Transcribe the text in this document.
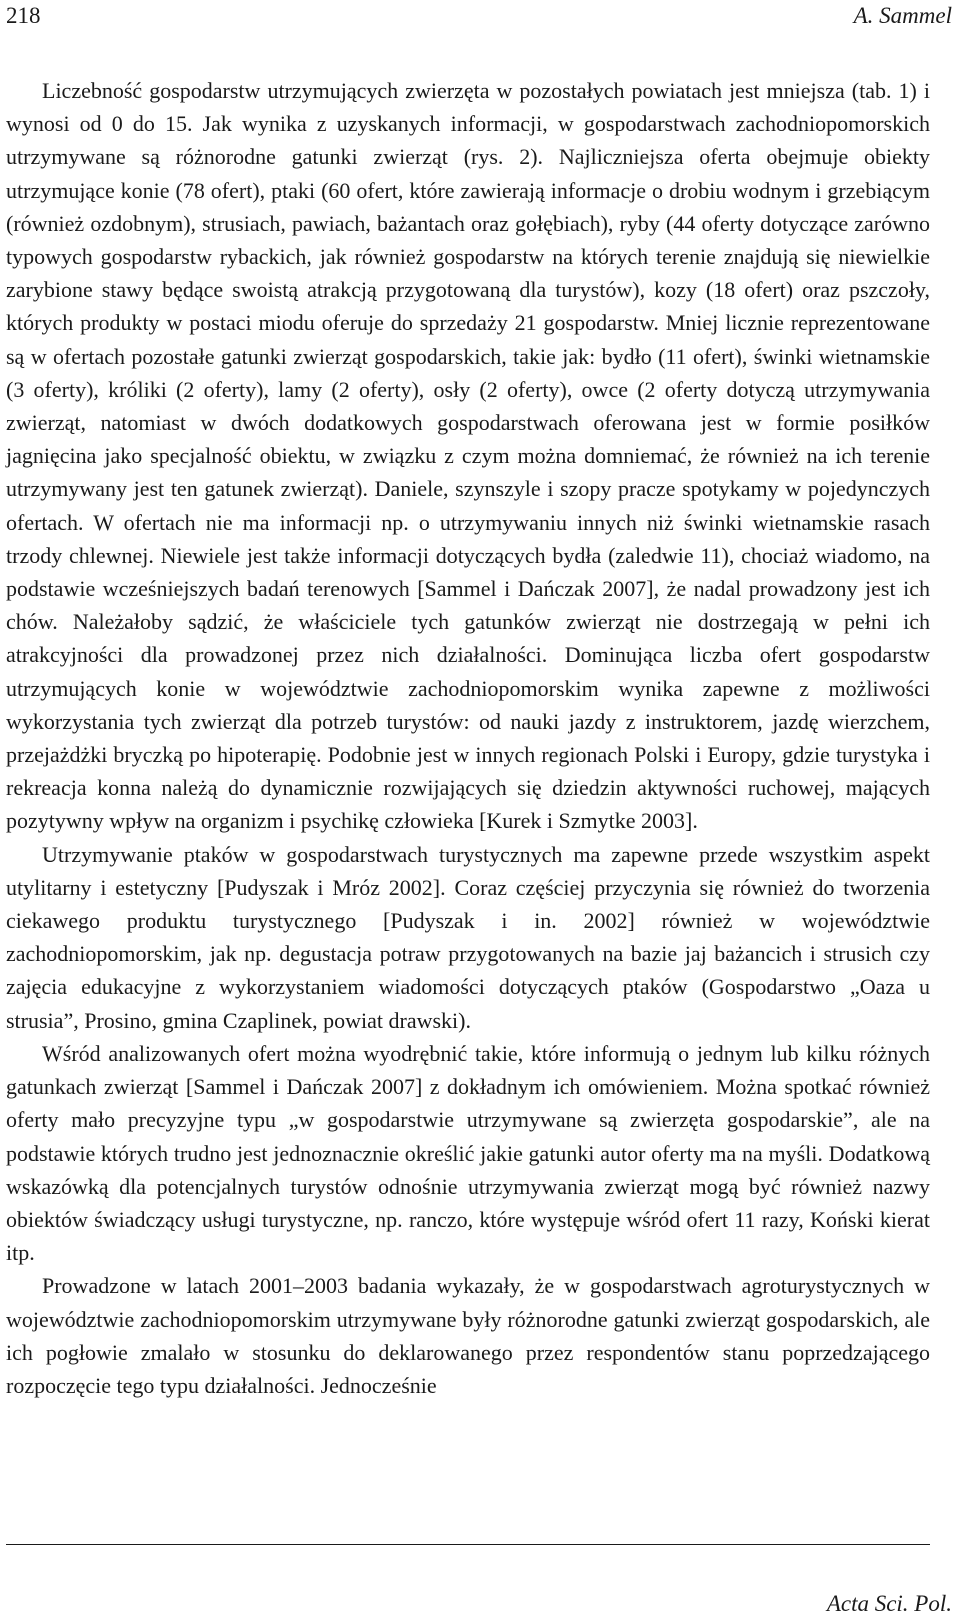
218	A. Sammel

Liczebność gospodarstw utrzymujących zwierzęta w pozostałych powiatach jest mniejsza (tab. 1) i wynosi od 0 do 15. Jak wynika z uzyskanych informacji, w gospodarstwach zachodniopomorskich utrzymywane są różnorodne gatunki zwierząt (rys. 2). Najliczniejsza oferta obejmuje obiekty utrzymujące konie (78 ofert), ptaki (60 ofert, które zawierają informacje o drobiu wodnym i grzebiącym (również ozdobnym), strusiach, pawiach, bażantach oraz gołębiach), ryby (44 oferty dotyczące zarówno typowych gospodarstw rybackich, jak również gospodarstw na których terenie znajdują się niewielkie zarybione stawy będące swoistą atrakcją przygotowaną dla turystów), kozy (18 ofert) oraz pszczoły, których produkty w postaci miodu oferuje do sprzedaży 21 gospodarstw. Mniej licznie reprezentowane są w ofertach pozostałe gatunki zwierząt gospodarskich, takie jak: bydło (11 ofert), świnki wietnamskie (3 oferty), króliki (2 oferty), lamy (2 oferty), osły (2 oferty), owce (2 oferty dotyczą utrzymywania zwierząt, natomiast w dwóch dodatkowych gospodarstwach oferowana jest w formie posiłków jagnięcina jako specjalność obiektu, w związku z czym można domniemać, że również na ich terenie utrzymywany jest ten gatunek zwierząt). Daniele, szynszyle i szopy pracze spotykamy w pojedynczych ofertach. W ofertach nie ma informacji np. o utrzymywaniu innych niż świnki wietnamskie rasach trzody chlewnej. Niewiele jest także informacji dotyczących bydła (zaledwie 11), chociaż wiadomo, na podstawie wcześniejszych badań terenowych [Sammel i Dańczak 2007], że nadal prowadzony jest ich chów. Należałoby sądzić, że właściciele tych gatunków zwierząt nie dostrzegają w pełni ich atrakcyjności dla prowadzonej przez nich działalności. Dominująca liczba ofert gospodarstw utrzymujących konie w województwie zachodniopomorskim wynika zapewne z możliwości wykorzystania tych zwierząt dla potrzeb turystów: od nauki jazdy z instruktorem, jazdę wierzchem, przejażdżki bryczką po hipoterapię. Podobnie jest w innych regionach Polski i Europy, gdzie turystyka i rekreacja konna należą do dynamicznie rozwijających się dziedzin aktywności ruchowej, mających pozytywny wpływ na organizm i psychikę człowieka [Kurek i Szmytke 2003].

Utrzymywanie ptaków w gospodarstwach turystycznych ma zapewne przede wszystkim aspekt utylitarny i estetyczny [Pudyszak i Mróz 2002]. Coraz częściej przyczynia się również do tworzenia ciekawego produktu turystycznego [Pudyszak i in. 2002] również w województwie zachodniopomorskim, jak np. degustacja potraw przygotowanych na bazie jaj bażancich i strusich czy zajęcia edukacyjne z wykorzystaniem wiadomości dotyczących ptaków (Gospodarstwo „Oaza u strusia”, Prosino, gmina Czaplinek, powiat drawski).

Wśród analizowanych ofert można wyodrębnić takie, które informują o jednym lub kilku różnych gatunkach zwierząt [Sammel i Dańczak 2007] z dokładnym ich omówieniem. Można spotkać również oferty mało precyzyjne typu „w gospodarstwie utrzymywane są zwierzęta gospodarskie”, ale na podstawie których trudno jest jednoznacznie określić jakie gatunki autor oferty ma na myśli. Dodatkową wskazówką dla potencjalnych turystów odnośnie utrzymywania zwierząt mogą być również nazwy obiektów świadczący usługi turystyczne, np. ranczo, które występuje wśród ofert 11 razy, Koński kierat itp.

Prowadzone w latach 2001–2003 badania wykazały, że w gospodarstwach agroturystycznych w województwie zachodniopomorskim utrzymywane były różnorodne gatunki zwierząt gospodarskich, ale ich pogłowie zmalało w stosunku do deklarowanego przez respondentów stanu poprzedzającego rozpoczęcie tego typu działalności. Jednocześnie

Acta Sci. Pol.
